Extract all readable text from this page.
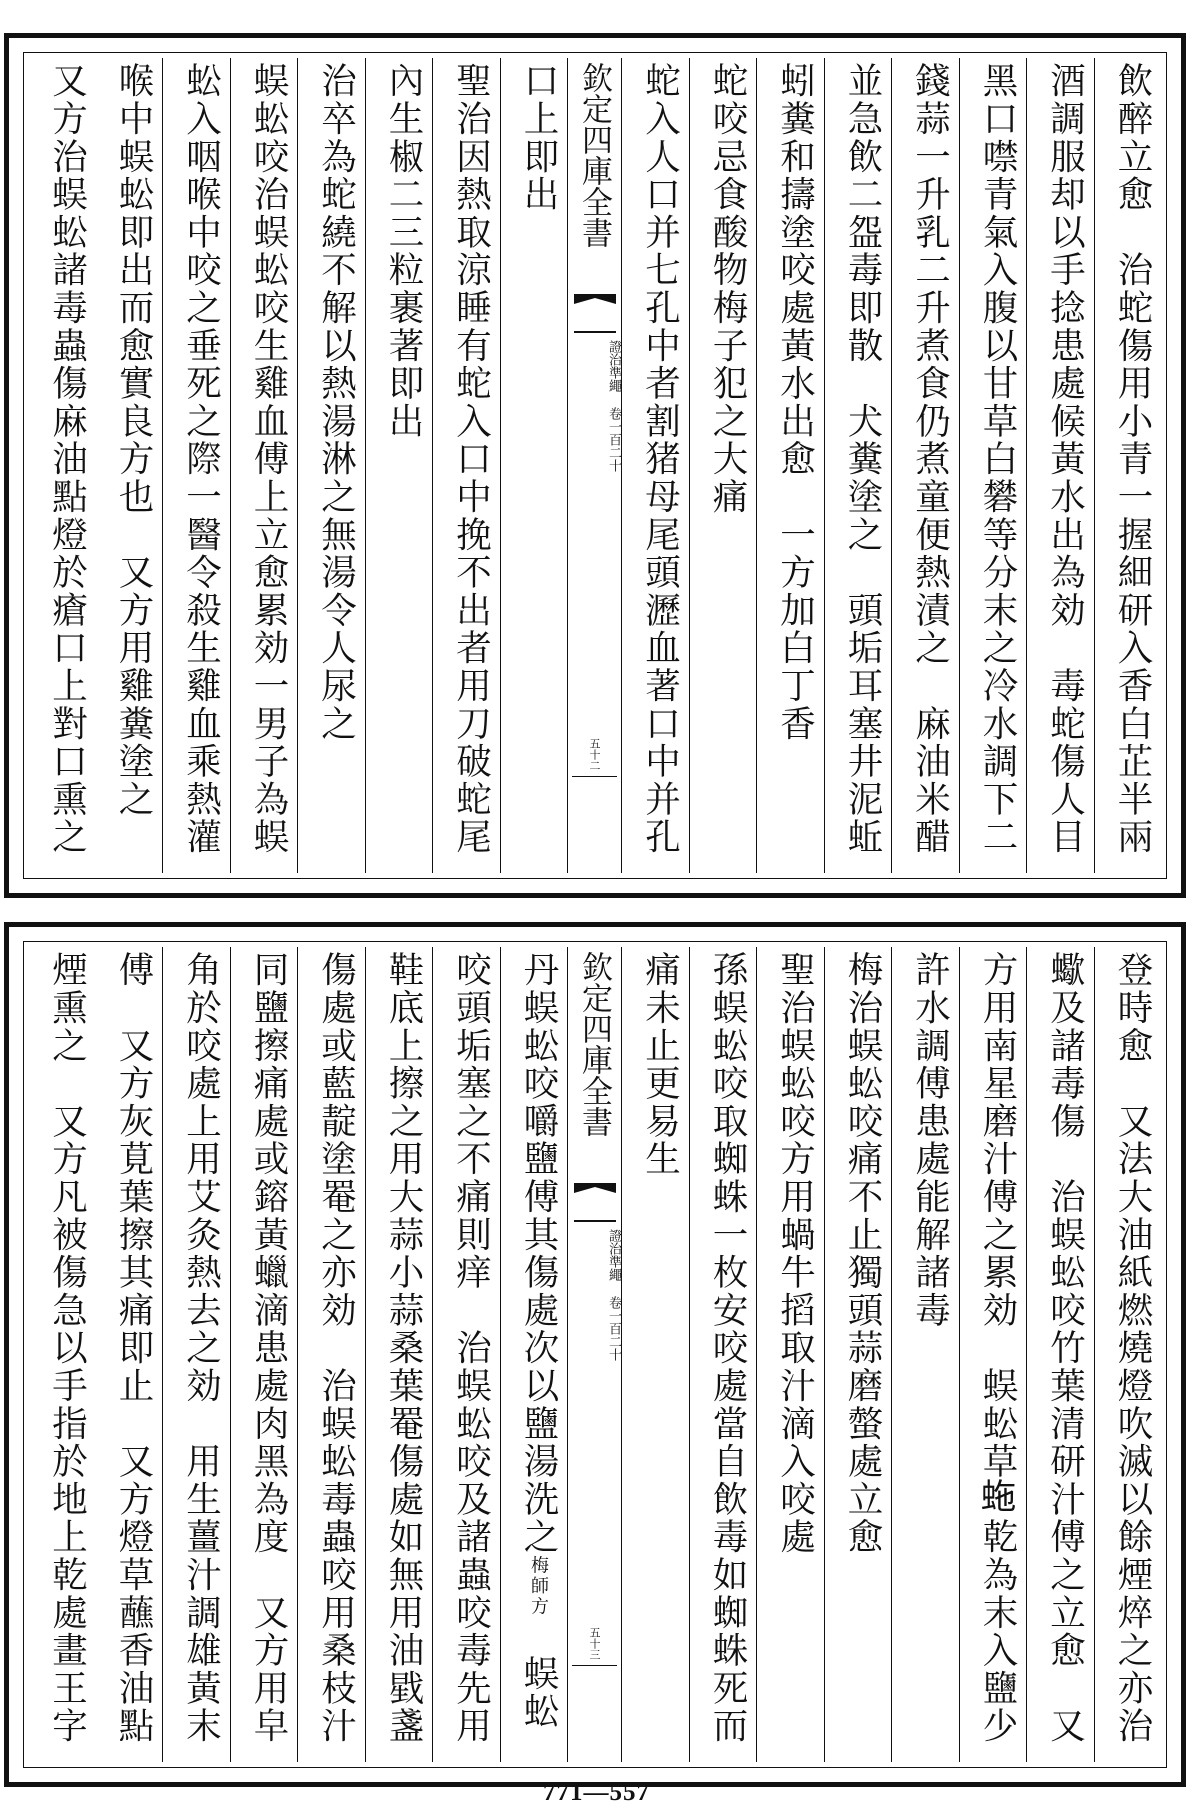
飲醉立愈　治蛇傷用小青一握細研入香白芷半兩
酒調服却以手捻患處候黃水出為効　毒蛇傷人目
黑口噤青氣入腹以甘草白礬等分末之冷水調下二
錢蒜一升乳二升煮食仍煮童便熱漬之　麻油米醋
並急飲二盌毒即散　犬糞塗之　頭垢耳塞井泥蚯
蚓糞和擣塗咬處黃水出愈　一方加白丁香
蛇咬忌食酸物梅子犯之大痛
蛇入人口并七孔中者割猪母尾頭瀝血著口中并孔
欽定四庫全書
證治準繩 卷一百二十
五十二
口上即出
聖治因熱取涼睡有蛇入口中挽不出者用刀破蛇尾
內生椒二三粒裹著即出
治卒為蛇繞不解以熱湯淋之無湯令人尿之
蜈蚣咬治蜈蚣咬生雞血傅上立愈累効一男子為蜈
蚣入咽喉中咬之垂死之際一醫令殺生雞血乘熱灌
喉中蜈蚣即出而愈實良方也　又方用雞糞塗之
又方治蜈蚣諸毒蟲傷麻油點燈於瘡口上對口熏之
登時愈　又法大油紙燃燒燈吹滅以餘煙焠之亦治
蠍及諸毒傷　治蜈蚣咬竹葉清研汁傅之立愈　又
方用南星磨汁傅之累効　蜈蚣草𧉮乾為末入鹽少
許水調傅患處能解諸毒
梅治蜈蚣咬痛不止獨頭蒜磨螫處立愈
聖治蜈蚣咬方用蝸牛搯取汁滴入咬處
孫蜈蚣咬取蜘蛛一枚安咬處當自飲毒如蜘蛛死而
痛未止更易生
欽定四庫全書
證治準繩 卷一百二十
五十三
丹蜈蚣咬嚼鹽傅其傷處次以鹽湯洗之梅師方　蜈蚣
咬頭垢塞之不痛則痒　治蜈蚣咬及諸蟲咬毒先用
鞋底上擦之用大蒜小蒜桑葉罨傷處如無用油戥盞
傷處或藍靛塗罨之亦効　治蜈蚣毒蟲咬用桑枝汁
同鹽擦痛處或鎔黃蠟滴患處肉黑為度　又方用皁
角於咬處上用艾灸熱去之効　用生薑汁調雄黃末
傅　又方灰莧葉擦其痛即止　又方燈草蘸香油點
煙熏之　又方凡被傷急以手指於地上乾處畫王字
771—557
